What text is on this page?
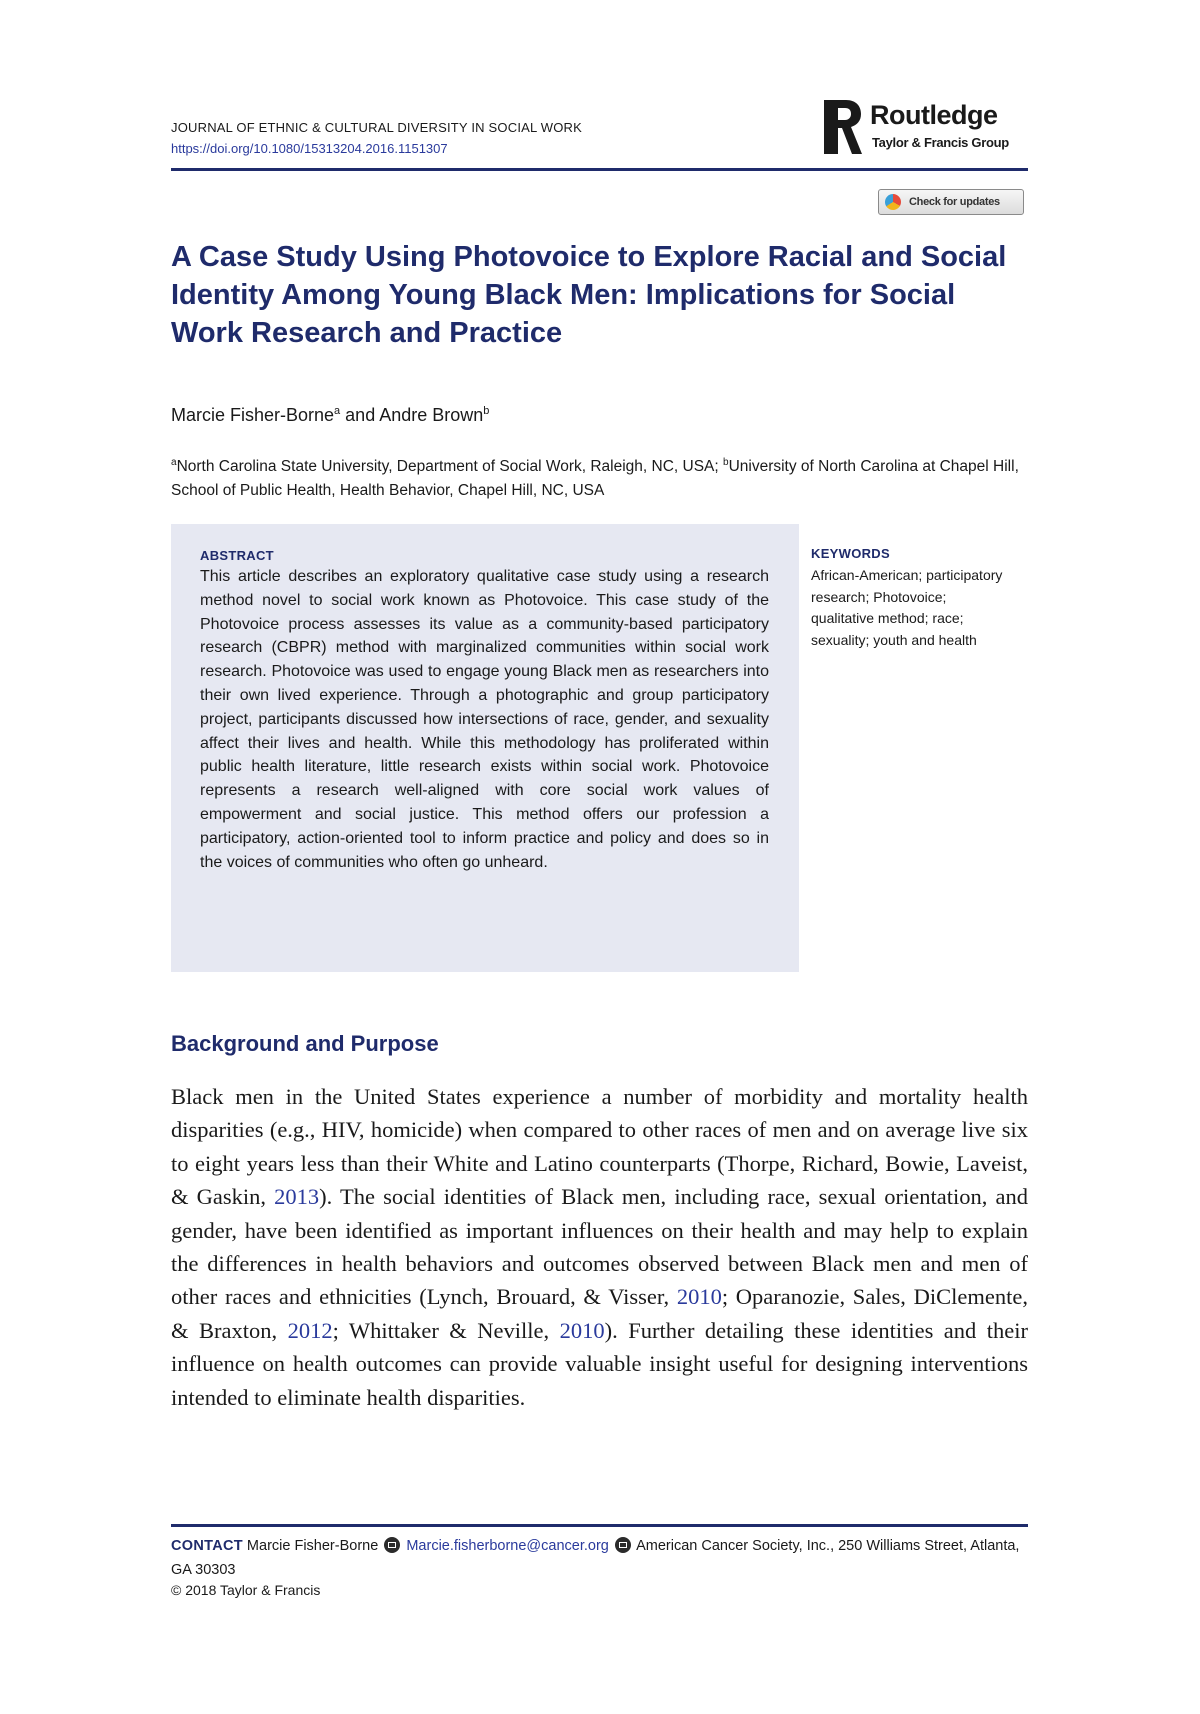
JOURNAL OF ETHNIC & CULTURAL DIVERSITY IN SOCIAL WORK
https://doi.org/10.1080/15313204.2016.1151307
Routledge
Taylor & Francis Group
Check for updates
A Case Study Using Photovoice to Explore Racial and Social Identity Among Young Black Men: Implications for Social Work Research and Practice
Marcie Fisher-Borne$^a$ and Andre Brown$^b$
$^a$North Carolina State University, Department of Social Work, Raleigh, NC, USA; $^b$University of North Carolina at Chapel Hill, School of Public Health, Health Behavior, Chapel Hill, NC, USA
ABSTRACT
This article describes an exploratory qualitative case study using a research method novel to social work known as Photovoice. This case study of the Photovoice process assesses its value as a community-based participatory research (CBPR) method with marginalized communities within social work research. Photovoice was used to engage young Black men as researchers into their own lived experience. Through a photographic and group participatory project, participants discussed how intersections of race, gender, and sexuality affect their lives and health. While this methodology has proliferated within public health literature, little research exists within social work. Photovoice represents a research well-aligned with core social work values of empowerment and social justice. This method offers our profession a participatory, action-oriented tool to inform practice and policy and does so in the voices of communities who often go unheard.
KEYWORDS
African-American; participatory research; Photovoice; qualitative method; race; sexuality; youth and health
Background and Purpose

Black men in the United States experience a number of morbidity and mortality health disparities (e.g., HIV, homicide) when compared to other races of men and on average live six to eight years less than their White and Latino counterparts (Thorpe, Richard, Bowie, Laveist, & Gaskin, 2013). The social identities of Black men, including race, sexual orientation, and gender, have been identified as important influences on their health and may help to explain the differences in health behaviors and outcomes observed between Black men and men of other races and ethnicities (Lynch, Brouard, & Visser, 2010; Oparanozie, Sales, DiClemente, & Braxton, 2012; Whittaker & Neville, 2010). Further detailing these identities and their influence on health outcomes can provide valuable insight useful for designing interventions intended to eliminate health disparities.

CONTACT Marcie Fisher-Borne  Marcie.fisherborne@cancer.org  American Cancer Society, Inc., 250 Williams Street, Atlanta, GA 30303
© 2018 Taylor & Francis
